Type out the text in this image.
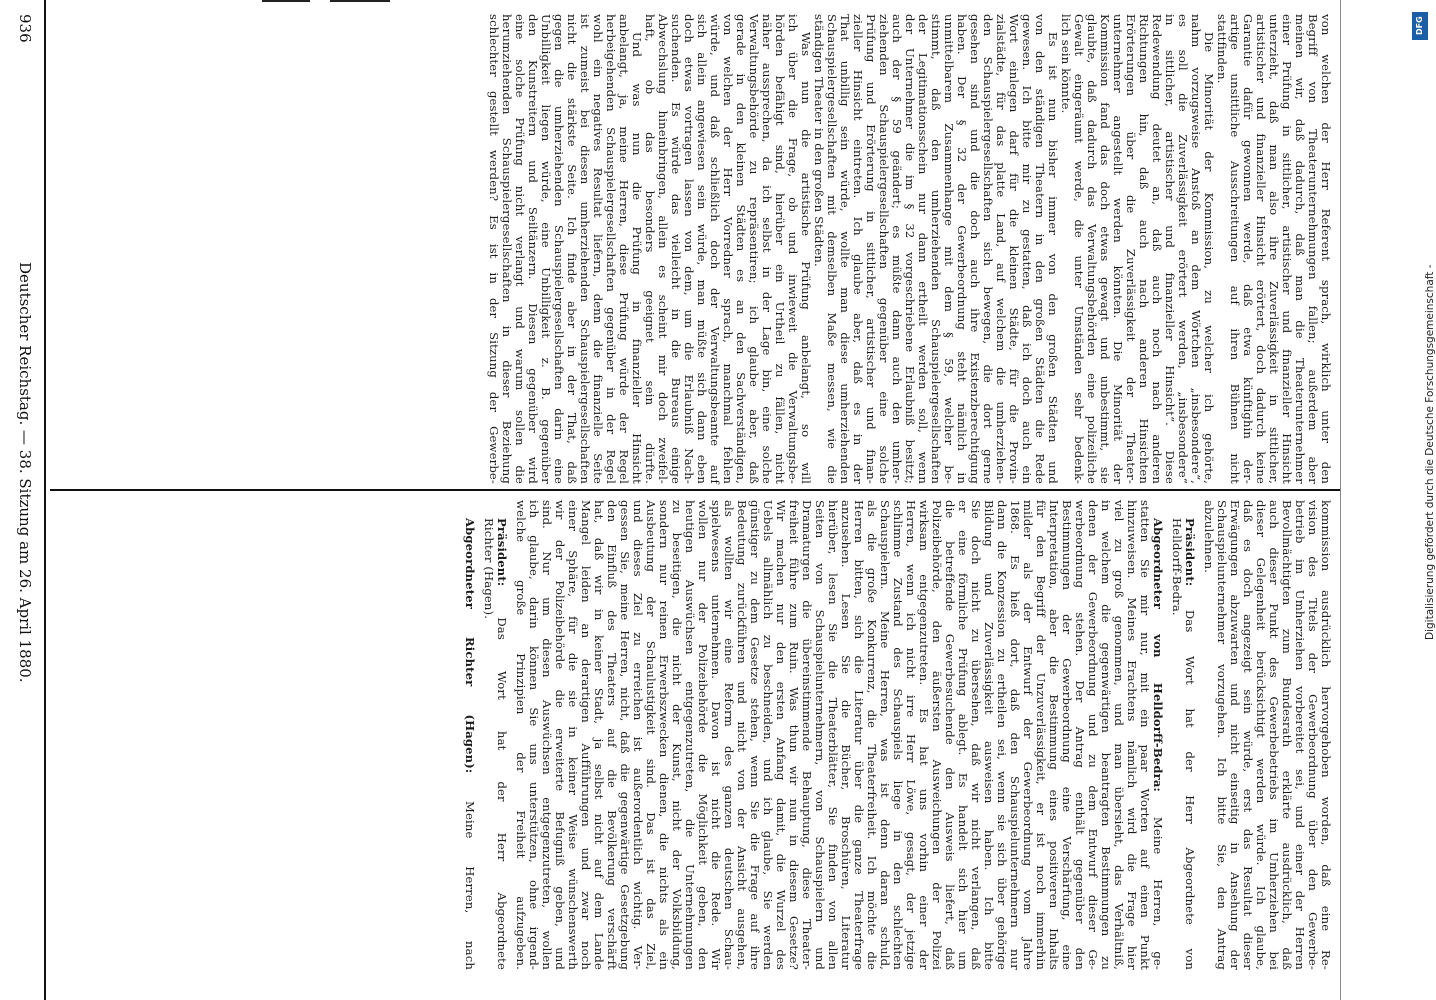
936
Deutscher Reichstag. — 38. Sitzung am 26. April 1880.	von welchen der Herr Referent sprach, wirklich unter den
Begriff von Theaterunternehmungen fallen; außerdem aber
meinen wir, daß dadurch, daß man die Theaterunternehmer
einer Prüfung in sittlicher, artistischer und finanzieller Hinsicht
unterzieht, daß man also ihre Zuverlässigkeit in sittlicher,
artistischer und finanzieller Hinsicht erörtert, doch dadurch keine
Garantie dafür gewonnen werde, daß etwa künftighin der-
artige unsittliche Ausschreitungen auf ihren Bühnen nicht
stattfinden.
Die Minorität der Kommission, zu welcher ich gehörte,
nahm vorzugsweise Anstoß an dem Wörtchen „insbesondere“,
es soll die Zuverlässigkeit erörtert werden, „insbesondere“
in sittlicher, artistischer und finanzieller Hinsicht“. Diese
Redewendung deutet an, daß auch noch nach anderen
Richtungen hin, daß auch nach anderen Hinsichten
Erörterungen über die Zuverlässigkeit der Theater-
unternehmer angestellt werden könnten. Die Minorität der
Kommission fand das doch etwas gewagt und unbestimmt, sie
glaubte, daß dadurch das Verwaltungsbehörden eine polizeiliche
Gewalt eingeräumt werde, die unter Umständen sehr bedenk-
lich sein könnte.
Es ist nun bisher immer von den großen Städten und
von den ständigen Theatern in den großen Städten die Rede
gewesen. Ich bitte mir zu gestatten, daß ich doch auch ein
Wort einlegen darf für die kleinen Städte, für die Provin-
zialstädte, für das platte Land, auf welchem die umherziehen-
den Schauspielergesellschaften sich bewegen, die dort gerne
gesehen sind und die doch auch ihre Existenzberechtigung
haben. Der § 32 der Gewerbeordnung steht nämlich in
unmittelbarem Zusammenhange mit dem § 59, welcher be-
stimmt, daß den umherziehenden Schauspielergesellschaften
der Legitimationsschein nur dann ertheilt werden soll, wenn
der Unternehmer die im § 32 vorgeschriebene Erlaubniß besitzt;
auch der § 59 geändert; es müßte dann auch den umher-
ziehenden Schauspielergesellschaften gegenüber eine solche
Prüfung und Erörterung in sittlicher, artistischer und finan-
zieller Hinsicht eintreten. Ich glaube aber, daß es in der
That unbillig sein würde, wollte man diese umherziehenden
Schauspielergesellschaften mit demselben Maße messen, wie die
ständigen Theater in den großen Städten.
Was nun die artistische Prüfung anbelangt, so will
ich über die Frage, ob und inwieweit die Verwaltungsbe-
hörden befähigt sind, hierüber ein Urtheil zu fällen, nicht
näher aussprechen, da ich selbst in der Lage bin, eine solche
Verwaltungsbehörde zu repräsentiren; ich glaube aber, daß
gerade in den kleinen Städten es an den Sachverständigen,
von welchen der Herr Vorredner sprach, manchmal fehlen
würde, und daß schließlich doch der Verwaltungsbeamte auf
sich allein angewiesen sein würde, man müßte sich dann eben
doch etwas vortragen lassen von dem, um die Erlaubniß Nach-
suchenden. Es würde das vielleicht in die Bureaus einige
Abwechslung hineinbringen, allein es scheint mir doch zweifel-
haft, ob das besonders geeignet sein dürfte.
Und was nun die Prüfung in finanzieller Hinsicht
anbelangt, ja, meine Herren, diese Prüfung würde der Regel
herbeigehenden Schauspielergesellschaften gegenüber in der Regel
wohl ein negatives Resultat liefern, denn die finanzielle Seite
ist zumeist bei diesen umherziehenden Schauspielergesellschaften
nicht die stärkste Seite. Ich finde aber in der That, daß
gegen die umherziehenden Schauspielergesellschaften darin eine
Unbilligkeit liegen würde, eine Unbilligkeit z. B. gegenüber
den Kunstreitern und Seiltänzern. Diesen gegenüber wird
eine solche Prüfung nicht verlangt und warum sollen die
herumziehenden Schauspielergesellschaften in dieser Beziehung
schlechter gestellt werden? Es ist in der Sitzung der Gewerbe-
kommission ausdrücklich hervorgehoben worden, daß eine Re-
vision des Titels der Gewerbeordnung über den Gewerbe-
betrieb im Umherziehen vorbereitet sei, und einer der Herren
Bevollmächtigten zum Bundesrath erklärte ausdrücklich, daß
auch dieser Punkt des Gewerbebetriebs im Umherziehen bei
dieser Gelegenheit berücksichtigt werden würde. Ich glaube,
daß es doch angezeigt sein würde, erst das Resultat dieser
Erwägungen abzuwarten und nicht einseitig in Ansehung der
Schauspielunternehmer vorzugehen. Ich bitte Sie, den Antrag
abzulehnen.
Präsident: Das Wort hat der Herr Abgeordnete von
Helldorff-Bedra.
Abgeordneter von Helldorff-Bedra: Meine Herren, ge-
statten Sie mir nur, mit ein paar Worten auf einen Punkt
hinzuweisen. Meines Erachtens nämlich wird die Frage hier
viel zu groß genommen, und man übersieht, das Verhältniß,
in welchem die gegenwärtigen beantragten Bestimmungen zu
denen der Gewerbeordnung und zu dem Entwurf dieser Ge-
werbeordnung stehen. Der Antrag enthält gegenüber den
Bestimmungen der Gewerbeordnung eine Verschärfung, eine
Interpretation, aber die Bestimmung eines positiveren Inhalts
für den Begriff der Unzuverlässigkeit, er ist noch immerhin
milder als der Entwurf der Gewerbeordnung vom Jahre
1868. Es hieß dort, daß den Schauspielunternehmern nur
dann die Konzession zu ertheilen sei, wenn sie sich über gehörige
Bildung und Zuverlässigkeit ausweisen haben. Ich bitte
Sie doch nicht zu übersehen, daß wir nicht verlangen, daß
er eine förmliche Prüfung ablegt. Es handelt sich hier um
die betreffende Gewerbesuchende den Ausweis liefert, daß
Polizeibehörde, den äußersten Ausweichungen der Polizei
wirksam entgegenzutreten. Es hat uns vorhin einer der
Herren, wenn ich nicht irre Herr Löwe, gesagt, der jetzige
schlimme Zustand des Schauspiels liege in den schlechten
Schauspielern. Meine Herren, was ist denn daran schuld,
als die große Konkurrenz, die Theaterfreiheit. Ich möchte die
Herren bitten, sich die Literatur über die ganze Theaterfrage
anzusehen. Lesen Sie die Bücher, Broschüren, Literatur
hierüber, lesen Sie die Theaterblätter, Sie finden von allen
Seiten von Schauspielunternehmern, von Schauspielern und
Dramaturgen die übereinstimmende Behauptung, diese Theater-
freiheit führe zum Ruin. Was thun wir nun in diesem Gesetze?
Wir machen nur den ersten Anfang damit, die Wurzel des
Uebels allmählich zu beschneiden, und ich glaube, Sie werden
günstiger zu dem Gesetze stehen, wenn Sie die Frage auf ihre
Bedeutung zurückführen und nicht von der Ansicht ausgehen,
als wollten wir eine Reform des ganzen deutschen Schau-
spielwesens unternehmen. Davon ist nicht die Rede. Wir
wollen nur der Polizeibehörde die Möglichkeit geben, den
heutigen Auswüchsen entgegenzutreten, die Unternehmungen
zu beseitigen, die nicht der Kunst, nicht der Volksbildung,
sondern nur reinen Erwerbszwecken dienen, die nichts als ein
Ausbeutung der Schaulustigkeit sind. Das ist das Ziel,
und dieses Ziel zu erreichen ist außerordentlich wichtig. Ver-
gessen Sie, meine Herren, nicht, daß die gegenwärtige Gesetzgebung
den Einfluß des Theaters auf die Bevölkerung verschärft
hat, daß wir in keiner Stadt, ja selbst nicht auf dem Lande
Mangel leiden an derartigen Aufführungen und zwar noch
einer Sphäre, für die sie in keiner Weise wünschenswerth
wir der Polizeibehörde die erweiterte Befugniß geben, und
sind. Nur um diesen Auswüchsen entgegenzutreten, wollen
ich glaube, darin können Sie uns unterstützen, ohne irgend-
welche große Prinzipien der Freiheit aufzugeben.
Präsident: Das Wort hat der Herr Abgeordnete
Richter (Hagen).
Abgeordneter Richter (Hagen): Meine Herren, nach
Digitalisierung gefördert durch die Deutsche Forschungsgemeinschaft -
DFG
